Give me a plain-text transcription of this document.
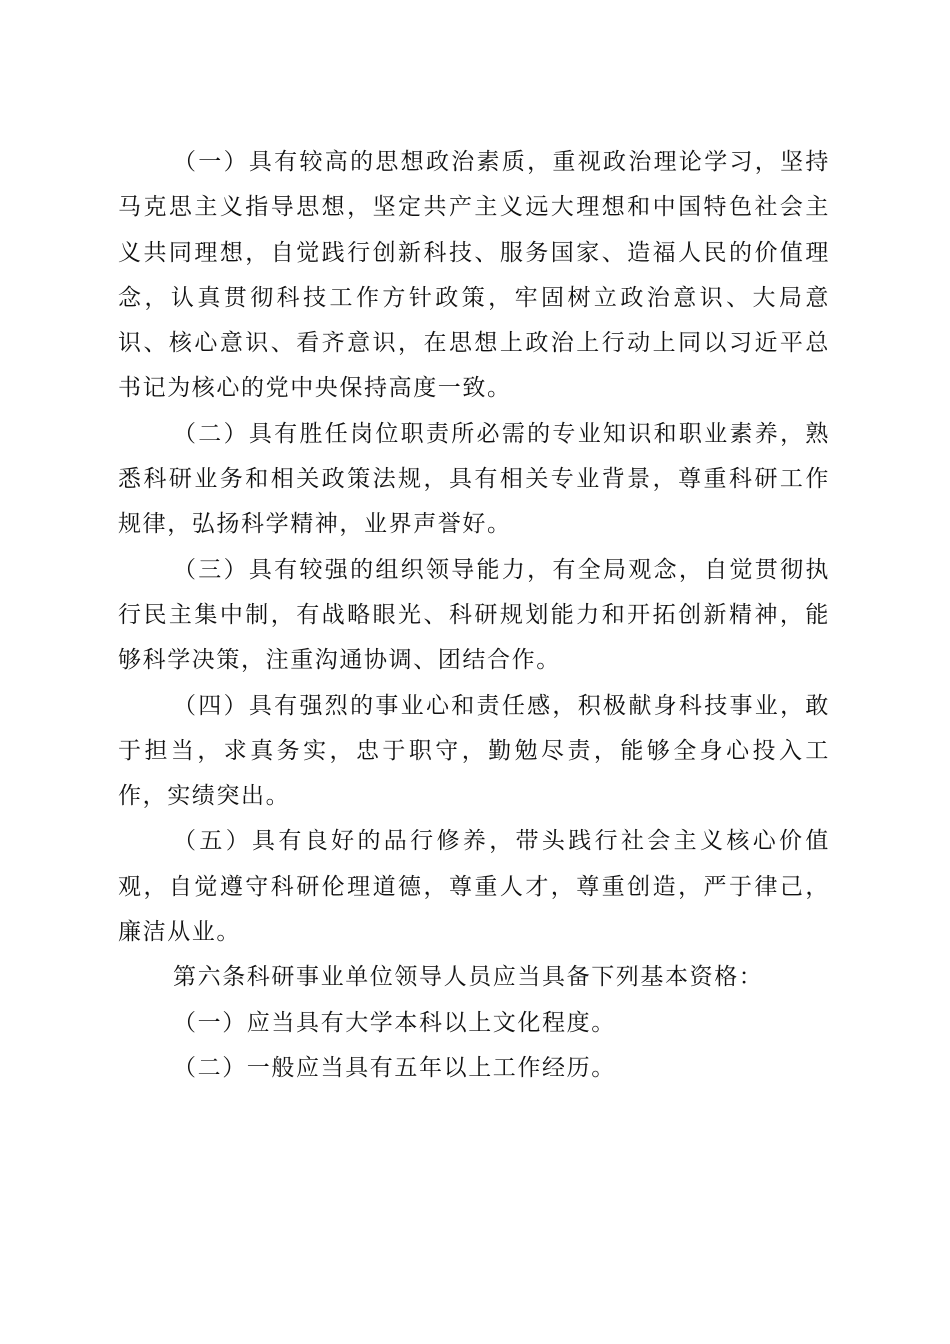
（一）具有较高的思想政治素质，重视政治理论学习，坚持马克思主义指导思想，坚定共产主义远大理想和中国特色社会主义共同理想，自觉践行创新科技、服务国家、造福人民的价值理念，认真贯彻科技工作方针政策，牢固树立政治意识、大局意识、核心意识、看齐意识，在思想上政治上行动上同以习近平总书记为核心的党中央保持高度一致。

（二）具有胜任岗位职责所必需的专业知识和职业素养，熟悉科研业务和相关政策法规，具有相关专业背景，尊重科研工作规律，弘扬科学精神，业界声誉好。

（三）具有较强的组织领导能力，有全局观念，自觉贯彻执行民主集中制，有战略眼光、科研规划能力和开拓创新精神，能够科学决策，注重沟通协调、团结合作。

（四）具有强烈的事业心和责任感，积极献身科技事业，敢于担当，求真务实，忠于职守，勤勉尽责，能够全身心投入工作，实绩突出。

（五）具有良好的品行修养，带头践行社会主义核心价值观，自觉遵守科研伦理道德，尊重人才，尊重创造，严于律己，廉洁从业。

第六条科研事业单位领导人员应当具备下列基本资格：

（一）应当具有大学本科以上文化程度。

（二）一般应当具有五年以上工作经历。
